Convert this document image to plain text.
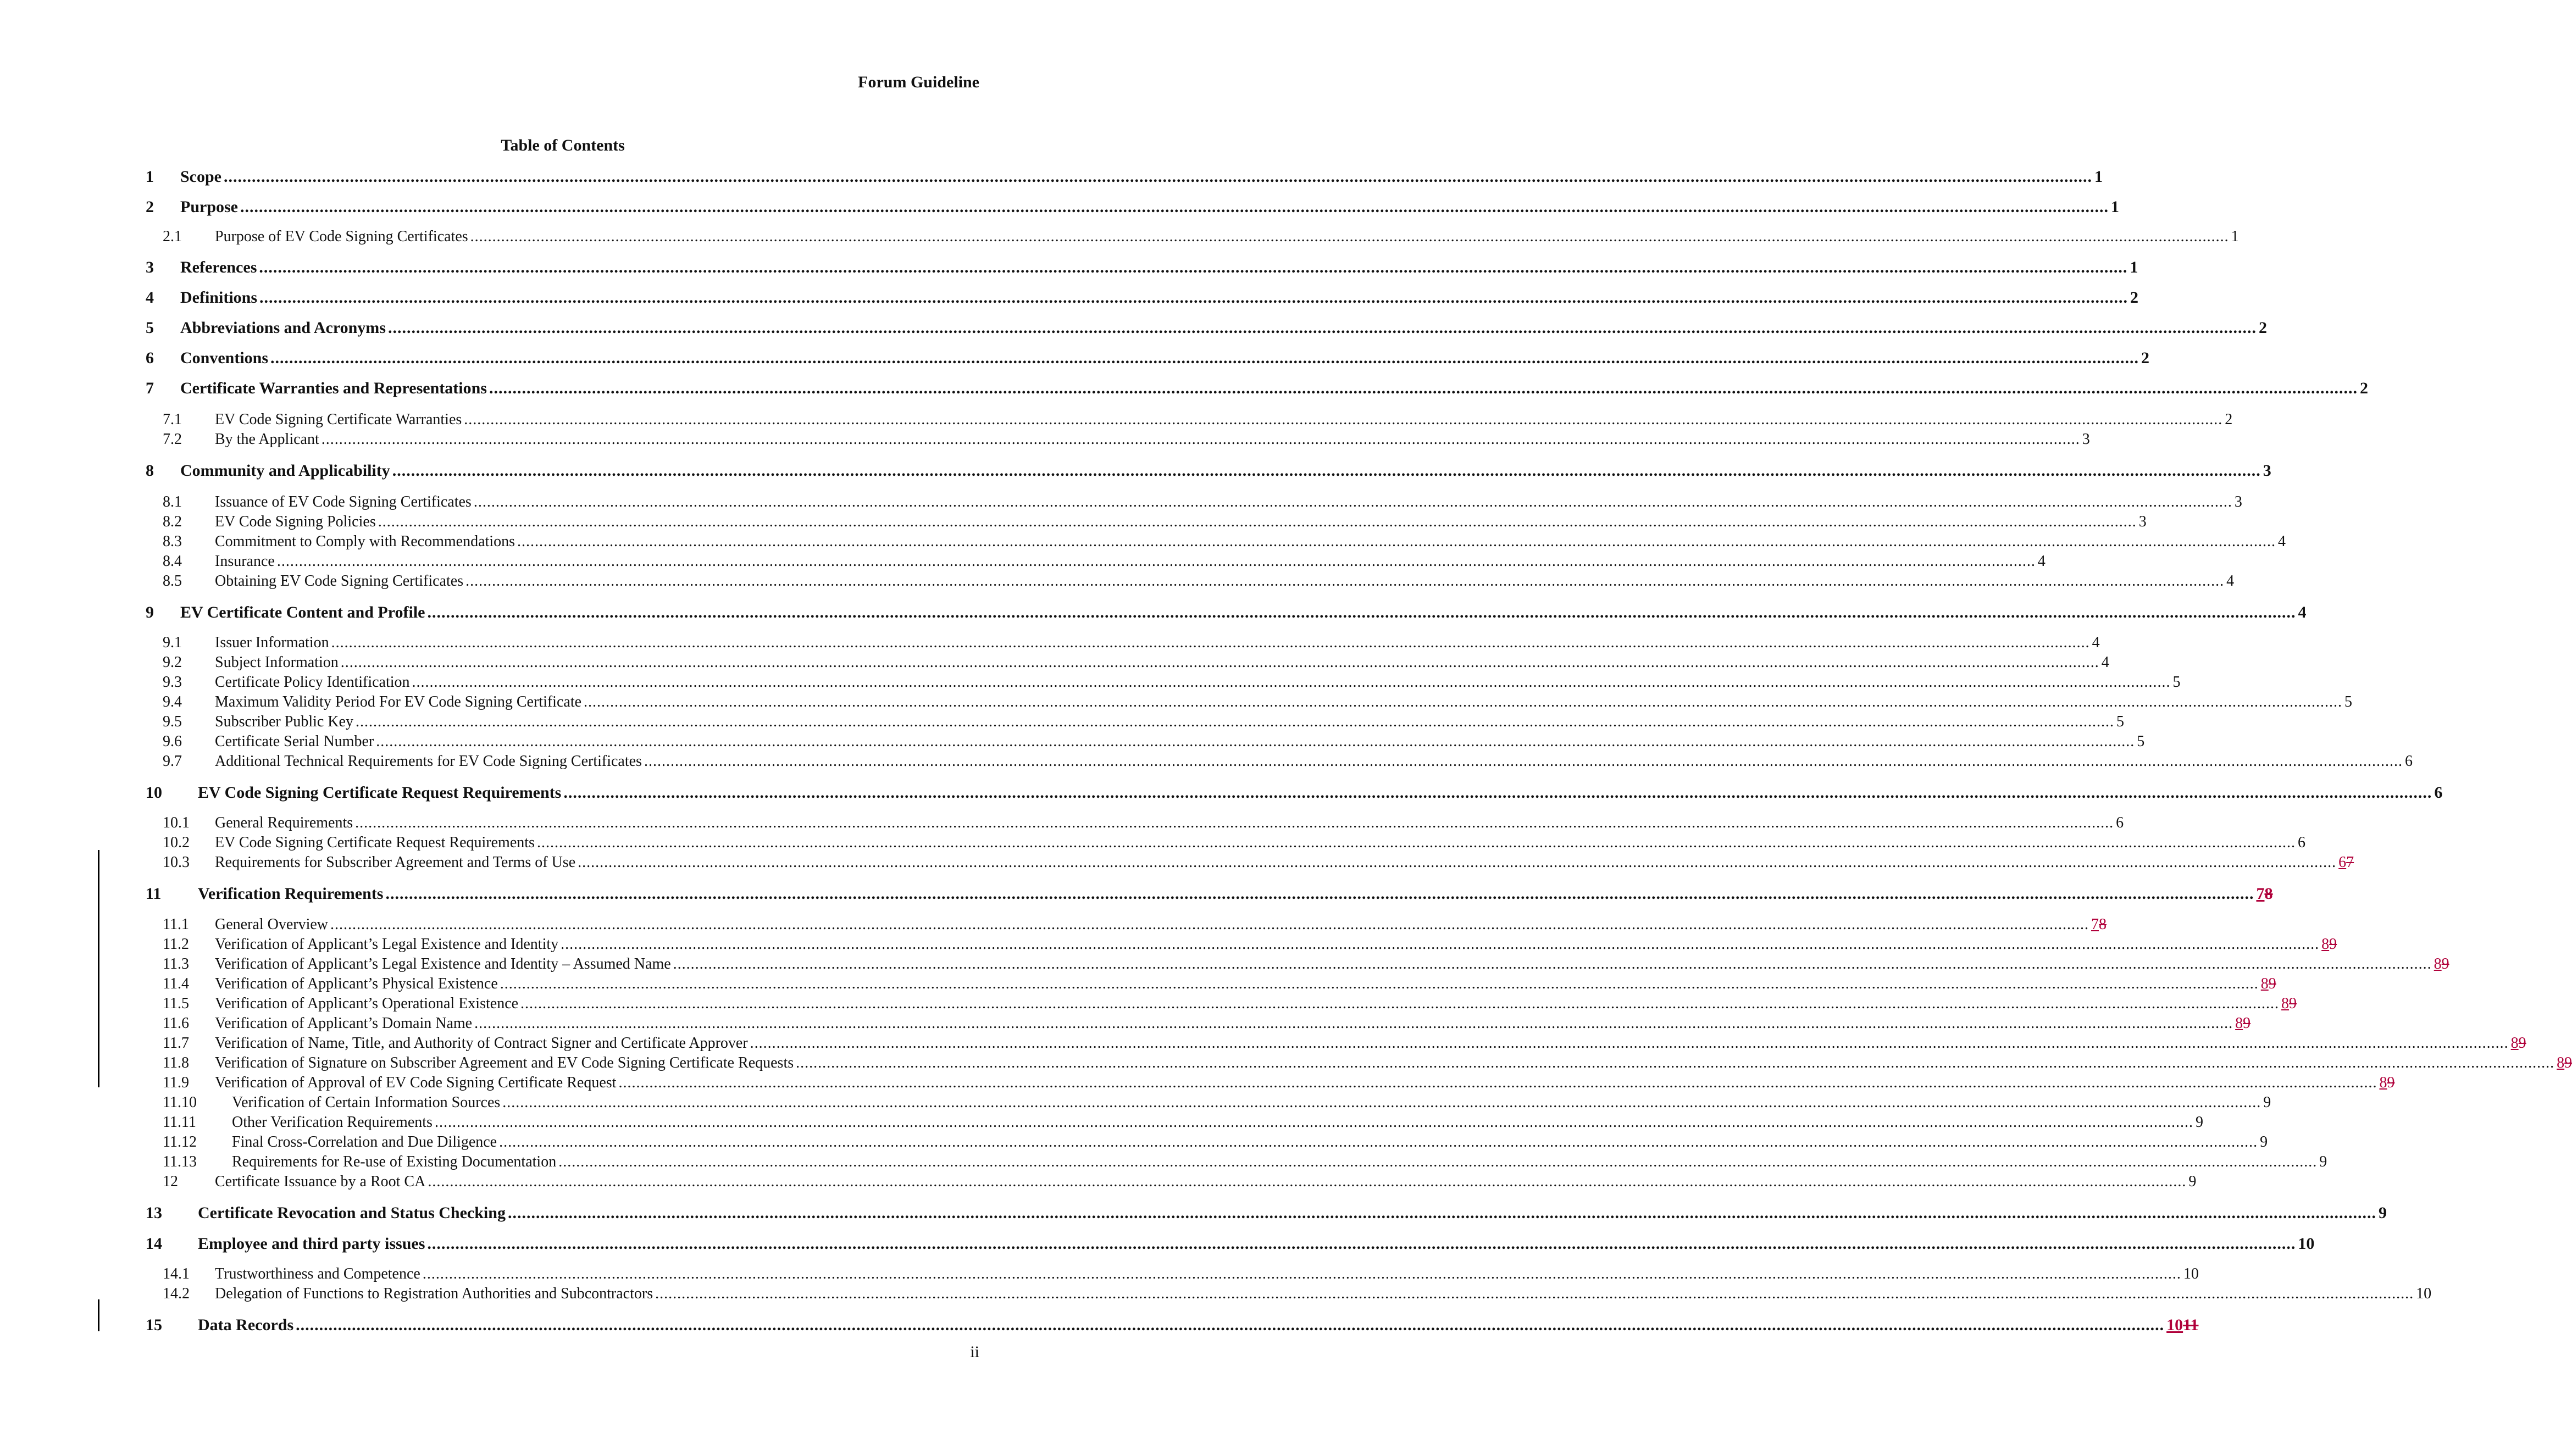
Forum Guideline
Table of Contents
1 Scope ................................................................................................................................................................................................................................................................................................................................................................................................................ 1
2 Purpose ................................................................................................................................................................................................................................................................................................................................................................................................................ 1
2.1 Purpose of EV Code Signing Certificates ................................................................................................................................................................................................................................................................................................................................................................................................................ 1
3 References ................................................................................................................................................................................................................................................................................................................................................................................................................ 1
4 Definitions ................................................................................................................................................................................................................................................................................................................................................................................................................ 2
5 Abbreviations and Acronyms ................................................................................................................................................................................................................................................................................................................................................................................................................ 2
6 Conventions ................................................................................................................................................................................................................................................................................................................................................................................................................ 2
7 Certificate Warranties and Representations ................................................................................................................................................................................................................................................................................................................................................................................................................ 2
7.1 EV Code Signing Certificate Warranties ................................................................................................................................................................................................................................................................................................................................................................................................................ 2
7.2 By the Applicant ................................................................................................................................................................................................................................................................................................................................................................................................................ 3
8 Community and Applicability ................................................................................................................................................................................................................................................................................................................................................................................................................ 3
8.1 Issuance of EV Code Signing Certificates ................................................................................................................................................................................................................................................................................................................................................................................................................ 3
8.2 EV Code Signing Policies ................................................................................................................................................................................................................................................................................................................................................................................................................ 3
8.3 Commitment to Comply with Recommendations ................................................................................................................................................................................................................................................................................................................................................................................................................ 4
8.4 Insurance ................................................................................................................................................................................................................................................................................................................................................................................................................ 4
8.5 Obtaining EV Code Signing Certificates ................................................................................................................................................................................................................................................................................................................................................................................................................ 4
9 EV Certificate Content and Profile ................................................................................................................................................................................................................................................................................................................................................................................................................ 4
9.1 Issuer Information ................................................................................................................................................................................................................................................................................................................................................................................................................ 4
9.2 Subject Information ................................................................................................................................................................................................................................................................................................................................................................................................................ 4
9.3 Certificate Policy Identification ................................................................................................................................................................................................................................................................................................................................................................................................................ 5
9.4 Maximum Validity Period For EV Code Signing Certificate ................................................................................................................................................................................................................................................................................................................................................................................................................ 5
9.5 Subscriber Public Key ................................................................................................................................................................................................................................................................................................................................................................................................................ 5
9.6 Certificate Serial Number ................................................................................................................................................................................................................................................................................................................................................................................................................ 5
9.7 Additional Technical Requirements for EV Code Signing Certificates ................................................................................................................................................................................................................................................................................................................................................................................................................ 6
10 EV Code Signing Certificate Request Requirements ................................................................................................................................................................................................................................................................................................................................................................................................................ 6
10.1 General Requirements ................................................................................................................................................................................................................................................................................................................................................................................................................ 6
10.2 EV Code Signing Certificate Request Requirements ................................................................................................................................................................................................................................................................................................................................................................................................................ 6
10.3 Requirements for Subscriber Agreement and Terms of Use ................................................................................................................................................................................................................................................................................................................................................................................................................ 67
11 Verification Requirements ................................................................................................................................................................................................................................................................................................................................................................................................................ 78
11.1 General Overview ................................................................................................................................................................................................................................................................................................................................................................................................................ 78
11.2 Verification of Applicant’s Legal Existence and Identity ................................................................................................................................................................................................................................................................................................................................................................................................................ 89
11.3 Verification of Applicant’s Legal Existence and Identity – Assumed Name ................................................................................................................................................................................................................................................................................................................................................................................................................ 89
11.4 Verification of Applicant’s Physical Existence ................................................................................................................................................................................................................................................................................................................................................................................................................ 89
11.5 Verification of Applicant’s Operational Existence ................................................................................................................................................................................................................................................................................................................................................................................................................ 89
11.6 Verification of Applicant’s Domain Name ................................................................................................................................................................................................................................................................................................................................................................................................................ 89
11.7 Verification of Name, Title, and Authority of Contract Signer and Certificate Approver ................................................................................................................................................................................................................................................................................................................................................................................................................ 89
11.8 Verification of Signature on Subscriber Agreement and EV Code Signing Certificate Requests ................................................................................................................................................................................................................................................................................................................................................................................................................ 89
11.9 Verification of Approval of EV Code Signing Certificate Request ................................................................................................................................................................................................................................................................................................................................................................................................................ 89
11.10 Verification of Certain Information Sources ................................................................................................................................................................................................................................................................................................................................................................................................................ 9
11.11 Other Verification Requirements ................................................................................................................................................................................................................................................................................................................................................................................................................ 9
11.12 Final Cross-Correlation and Due Diligence ................................................................................................................................................................................................................................................................................................................................................................................................................ 9
11.13 Requirements for Re-use of Existing Documentation ................................................................................................................................................................................................................................................................................................................................................................................................................ 9
12 Certificate Issuance by a Root CA ................................................................................................................................................................................................................................................................................................................................................................................................................ 9
13 Certificate Revocation and Status Checking ................................................................................................................................................................................................................................................................................................................................................................................................................ 9
14 Employee and third party issues ................................................................................................................................................................................................................................................................................................................................................................................................................ 10
14.1 Trustworthiness and Competence ................................................................................................................................................................................................................................................................................................................................................................................................................ 10
14.2 Delegation of Functions to Registration Authorities and Subcontractors ................................................................................................................................................................................................................................................................................................................................................................................................................ 10
15 Data Records ................................................................................................................................................................................................................................................................................................................................................................................................................ 1011
ii
